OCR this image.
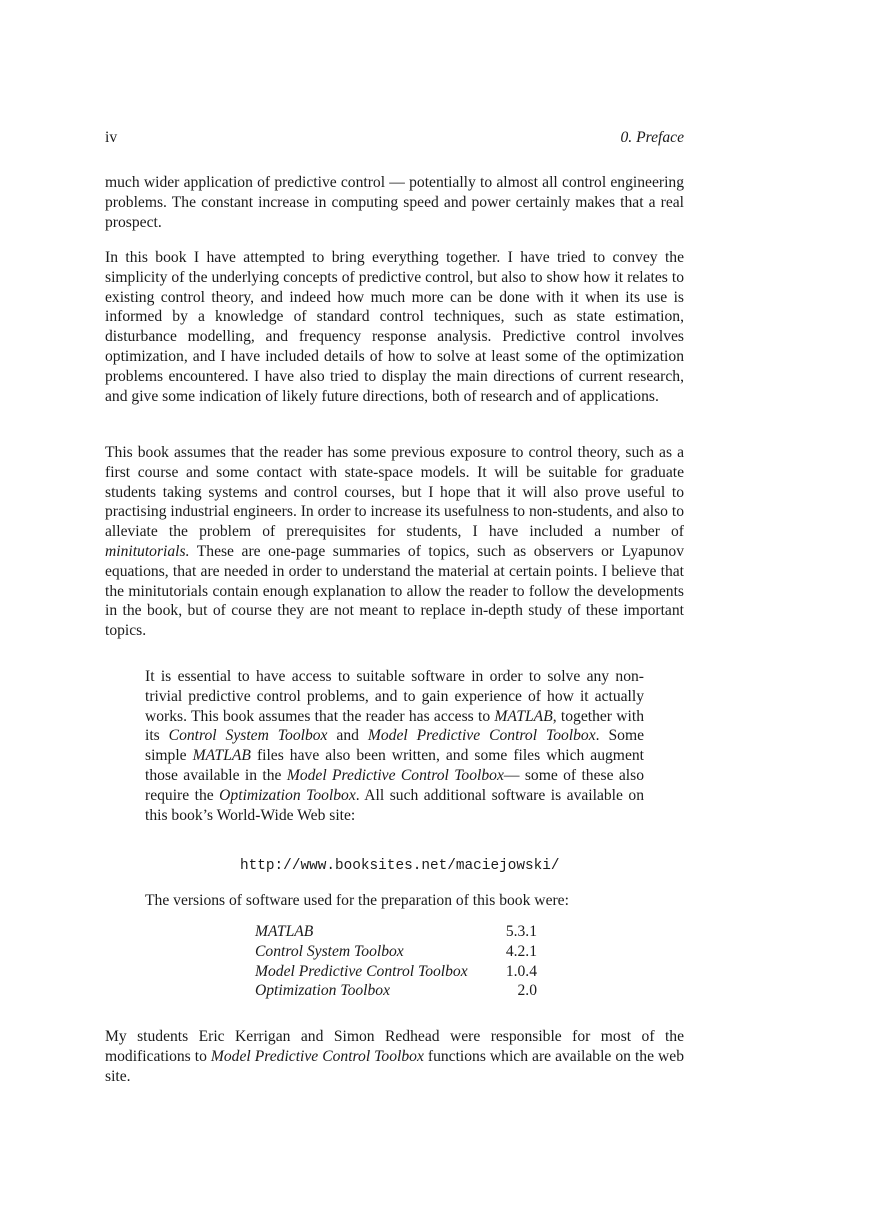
iv	0. Preface

much wider application of predictive control — potentially to almost all control engineering problems. The constant increase in computing speed and power certainly makes that a real prospect.

In this book I have attempted to bring everything together. I have tried to convey the simplicity of the underlying concepts of predictive control, but also to show how it relates to existing control theory, and indeed how much more can be done with it when its use is informed by a knowledge of standard control techniques, such as state estimation, disturbance modelling, and frequency response analysis. Predictive control involves optimization, and I have included details of how to solve at least some of the optimization problems encountered. I have also tried to display the main directions of current research, and give some indication of likely future directions, both of research and of applications.

This book assumes that the reader has some previous exposure to control theory, such as a first course and some contact with state-space models. It will be suitable for graduate students taking systems and control courses, but I hope that it will also prove useful to practising industrial engineers. In order to increase its usefulness to non-students, and also to alleviate the problem of prerequisites for students, I have included a number of minitutorials. These are one-page summaries of topics, such as observers or Lyapunov equations, that are needed in order to understand the material at certain points. I believe that the minitutorials contain enough explanation to allow the reader to follow the developments in the book, but of course they are not meant to replace in-depth study of these important topics.

It is essential to have access to suitable software in order to solve any non-trivial predictive control problems, and to gain experience of how it actually works. This book assumes that the reader has access to MATLAB, together with its Control System Toolbox and Model Predictive Control Toolbox. Some simple MATLAB files have also been written, and some files which augment those available in the Model Predictive Control Toolbox— some of these also require the Optimization Toolbox. All such additional software is available on this book’s World-Wide Web site:

http://www.booksites.net/maciejowski/

The versions of software used for the preparation of this book were:

MATLAB	5.3.1
Control System Toolbox	4.2.1
Model Predictive Control Toolbox	1.0.4
Optimization Toolbox	2.0

My students Eric Kerrigan and Simon Redhead were responsible for most of the modifications to Model Predictive Control Toolbox functions which are available on the web site.
